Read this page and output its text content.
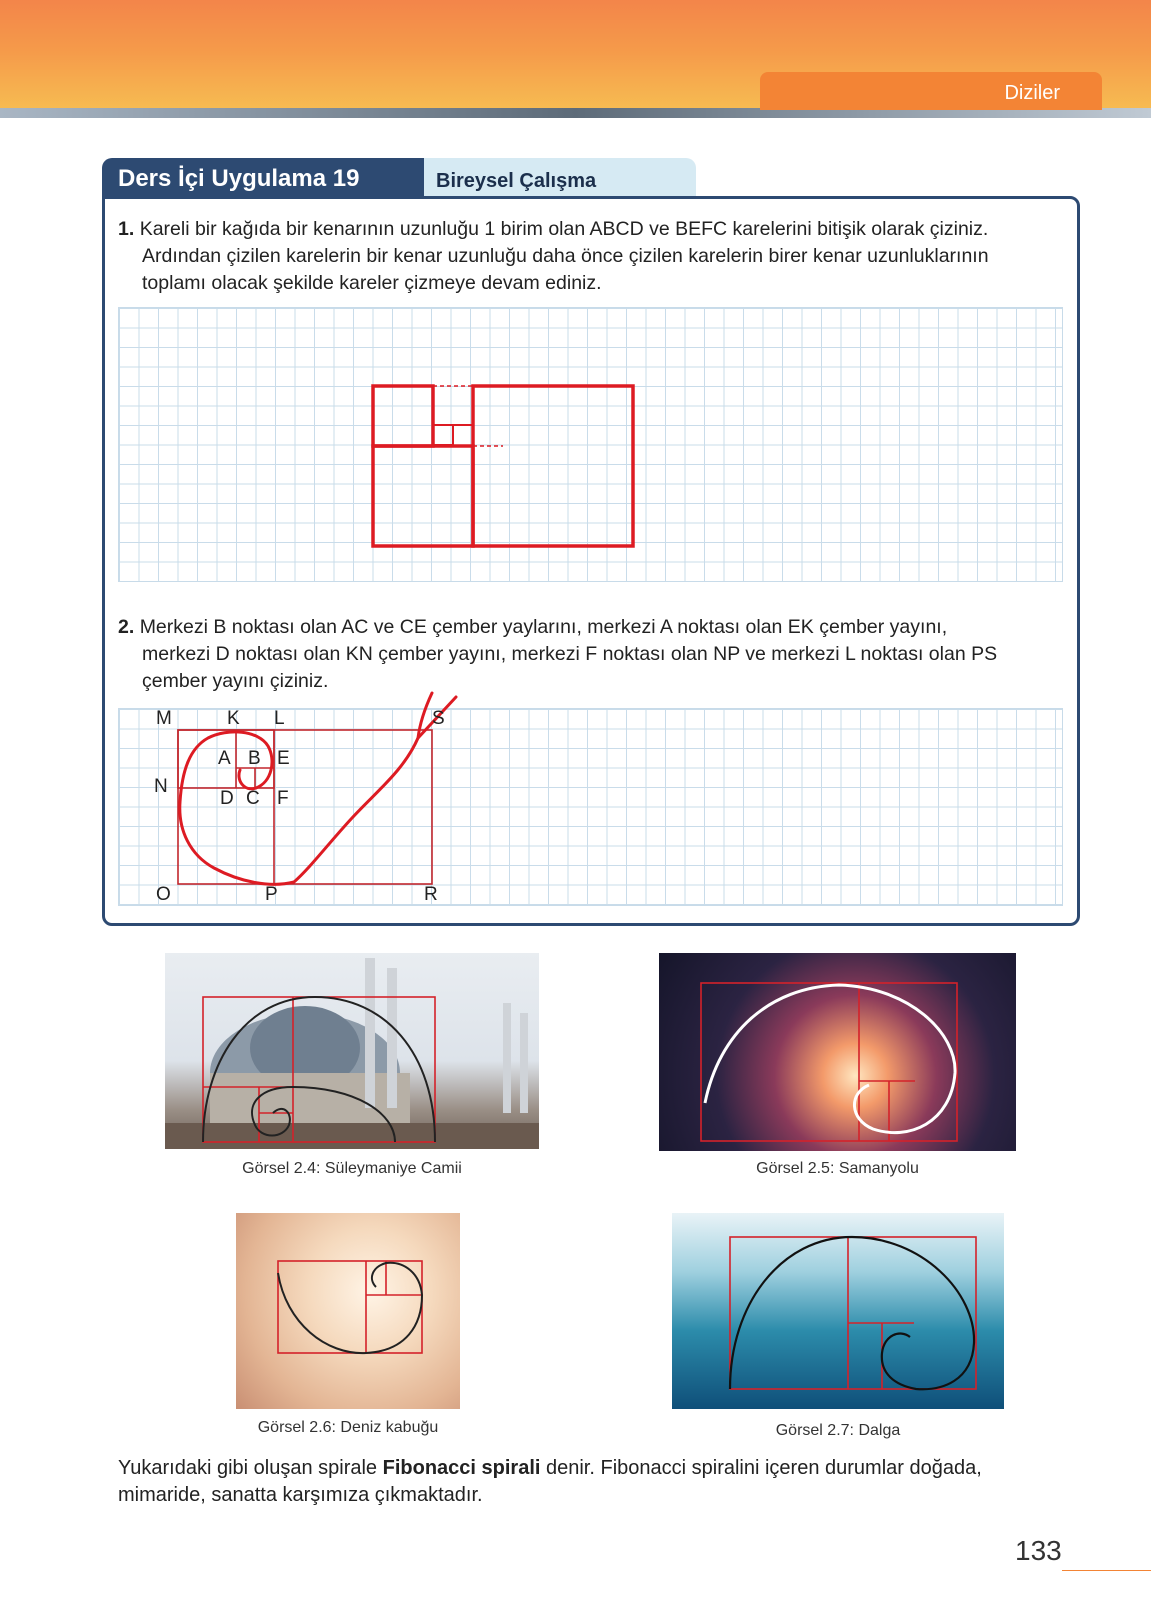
Diziler
Ders İçi Uygulama 19	Bireysel Çalışma
1. Kareli bir kağıda bir kenarının uzunluğu 1 birim olan ABCD ve BEFC karelerini bitişik olarak çiziniz.
Ardından çizilen karelerin bir kenar uzunluğu daha önce çizilen karelerin birer kenar uzunluklarının
toplamı olacak şekilde kareler çizmeye devam ediniz.
2. Merkezi B noktası olan AC ve CE çember yaylarını, merkezi A noktası olan EK çember yayını,
merkezi D noktası olan KN çember yayını, merkezi F noktası olan NP ve merkezi L noktası olan PS
çember yayını çiziniz.
M	K L	S
A B E
N
D C F
O	P	R
Görsel 2.4: Süleymaniye Camii	Görsel 2.5: Samanyolu
Görsel 2.6: Deniz kabuğu	Görsel 2.7: Dalga
Yukarıdaki gibi oluşan spirale Fibonacci spirali denir. Fibonacci spiralini içeren durumlar doğada,
mimaride, sanatta karşımıza çıkmaktadır.
133
